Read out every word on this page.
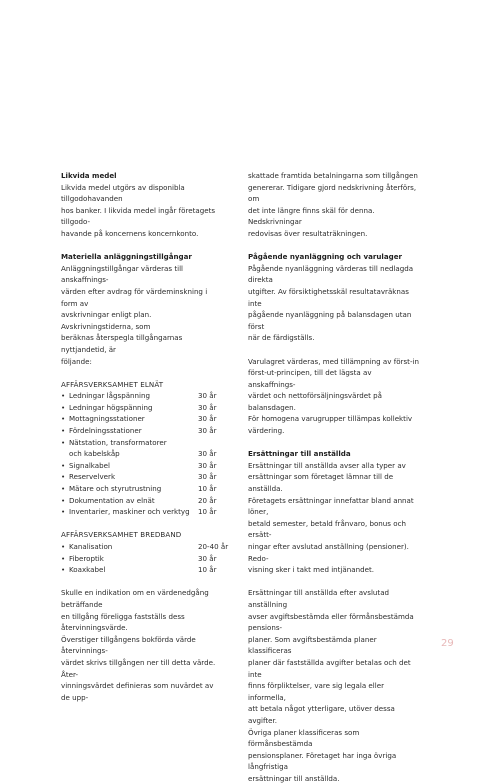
Likvida medel

Likvida medel utgörs av disponibla tillgodohavanden

hos banker. I likvida medel ingår företagets tillgodo-

havande på koncernens koncernkonto.

Materiella anläggningstillgångar

Anläggningstillgångar värderas till anskaffnings-

värden efter avdrag för värdeminskning i form av

avskrivningar enligt plan. Avskrivningstiderna, som

beräknas återspegla tillgångarnas nyttjandetid, är

följande:

AFFÄRSVERKSAMHET ELNÄT

• Ledningar lågspänning	30 år
• Ledningar högspänning	30 år
• Mottagningsstationer	30 år
• Fördelningsstationer	30 år
• Nätstation, transformatorer
och kabelskåp	30 år
• Signalkabel	30 år
• Reservelverk	30 år
• Mätare och styrutrustning	10 år
• Dokumentation av elnät	20 år
• Inventarier, maskiner och verktyg	10 år

AFFÄRSVERKSAMHET BREDBAND

• Kanalisation	20-40 år
• Fiberoptik	30 år
• Koaxkabel	10 år

Skulle en indikation om en värdenedgång beträffande

en tillgång föreligga fastställs dess återvinningsvärde.

Överstiger tillgångens bokförda värde återvinnings-

värdet skrivs tillgången ner till detta värde. Åter-

vinningsvärdet definieras som nuvärdet av de upp-

skattade framtida betalningarna som tillgången

genererar. Tidigare gjord nedskrivning återförs, om

det inte längre finns skäl för denna. Nedskrivningar

redovisas över resultaträkningen.

Pågående nyanläggning och varulager

Pågående nyanläggning värderas till nedlagda direkta

utgifter. Av försiktighetsskäl resultatavräknas inte

pågående nyanläggning på balansdagen utan först

när de färdigställs.

Varulagret värderas, med tillämpning av först-in

först-ut-principen, till det lägsta av anskaffnings-

värdet och nettoförsäljningsvärdet på balansdagen.

För homogena varugrupper tillämpas kollektiv

värdering.

Ersättningar till anställda

Ersättningar till anställda avser alla typer av

ersättningar som företaget lämnar till de anställda.

Företagets ersättningar innefattar bland annat löner,

betald semester, betald frånvaro, bonus och ersätt-

ningar efter avslutad anställning (pensioner). Redo-

visning sker i takt med intjänandet.

Ersättningar till anställda efter avslutad anställning

avser avgiftsbestämda eller förmånsbestämda pensions-

planer. Som avgiftsbestämda planer klassificeras

planer där fastställda avgifter betalas och det inte

finns förpliktelser, vare sig legala eller informella,

att betala något ytterligare, utöver dessa avgifter.

Övriga planer klassificeras som förmånsbestämda

pensionsplaner. Företaget har inga övriga långfristiga

ersättningar till anställda.

29
